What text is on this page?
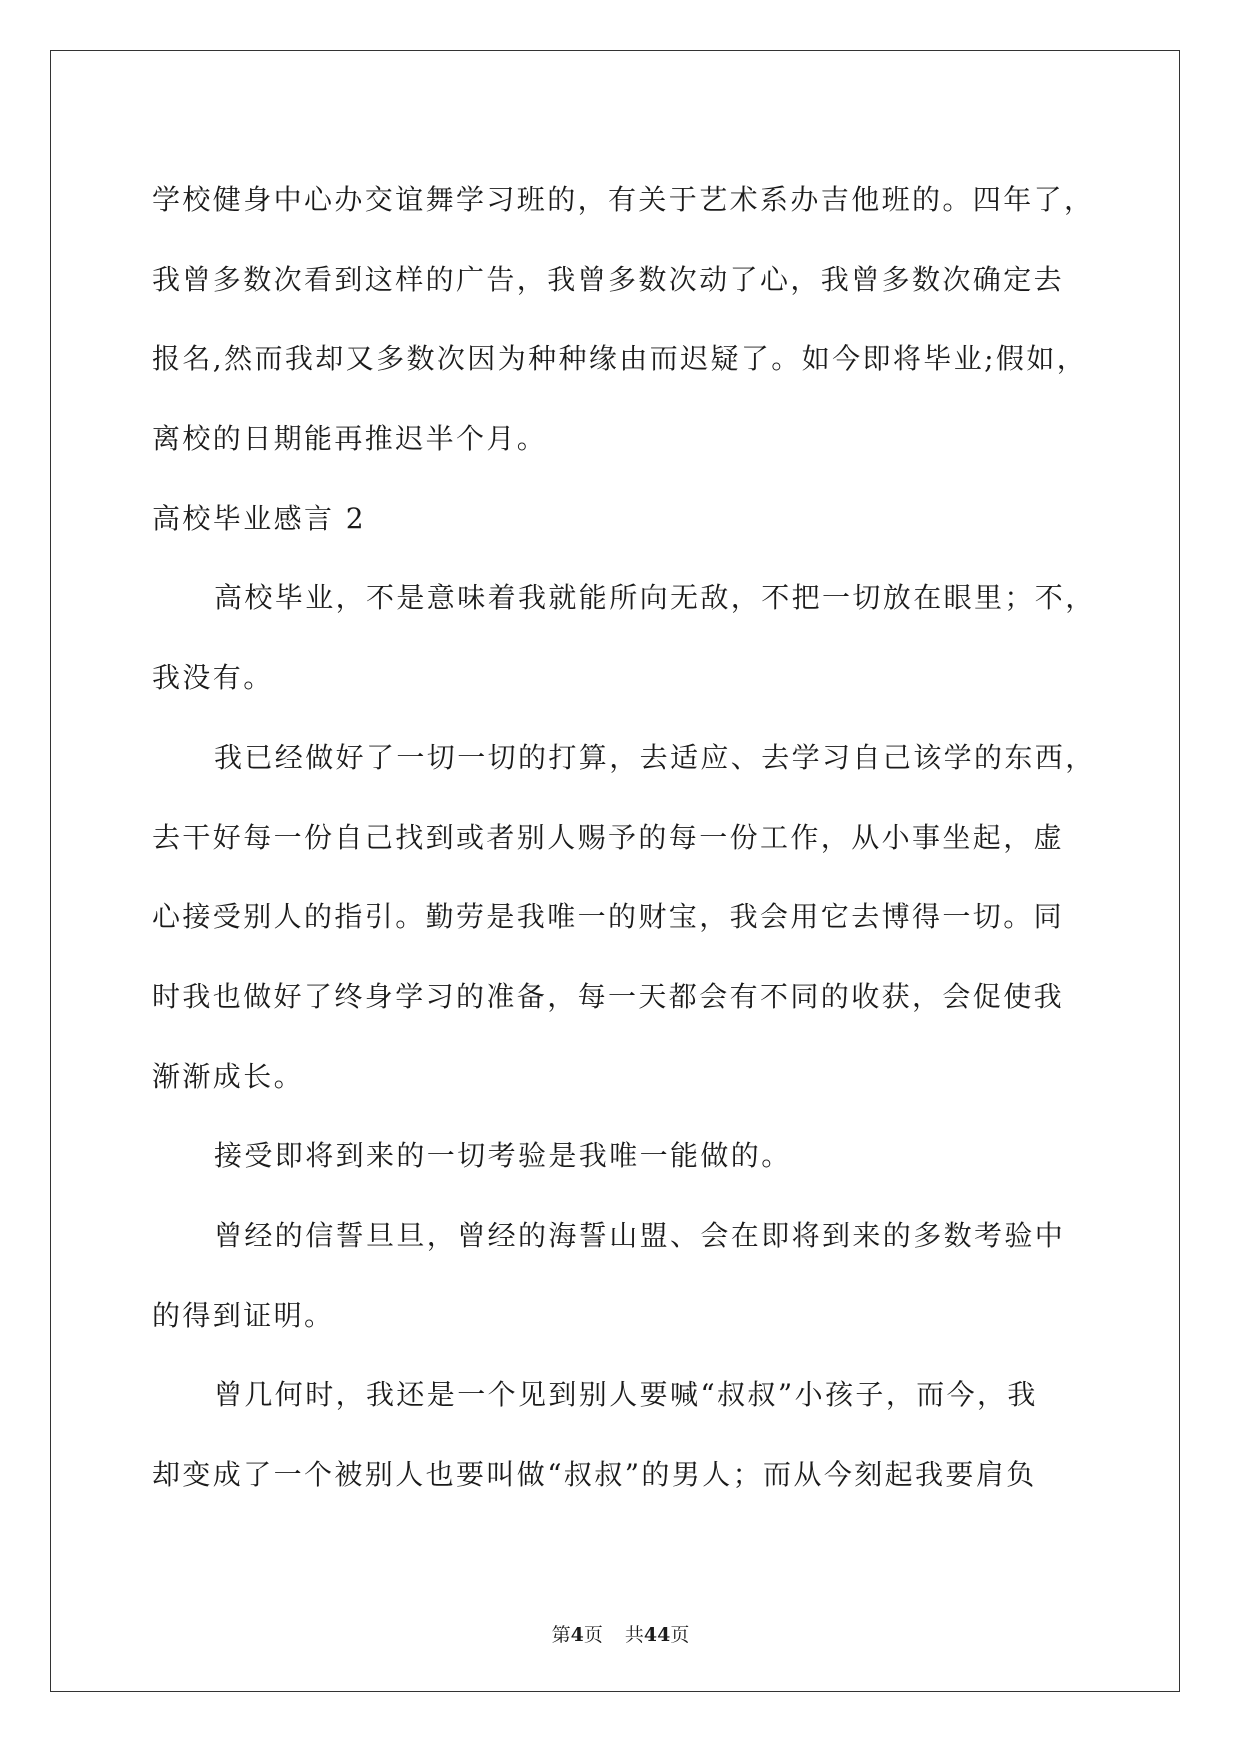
学校健身中心办交谊舞学习班的，有关于艺术系办吉他班的。四年了，
我曾多数次看到这样的广告，我曾多数次动了心，我曾多数次确定去
报名,然而我却又多数次因为种种缘由而迟疑了。如今即将毕业;假如，
离校的日期能再推迟半个月。
高校毕业感言 2
高校毕业，不是意味着我就能所向无敌，不把一切放在眼里；不，
我没有。
我已经做好了一切一切的打算，去适应、去学习自己该学的东西，
去干好每一份自己找到或者别人赐予的每一份工作，从小事坐起，虚
心接受别人的指引。勤劳是我唯一的财宝，我会用它去博得一切。同
时我也做好了终身学习的准备，每一天都会有不同的收获，会促使我
渐渐成长。
接受即将到来的一切考验是我唯一能做的。
曾经的信誓旦旦，曾经的海誓山盟、会在即将到来的多数考验中
的得到证明。
曾几何时，我还是一个见到别人要喊“叔叔”小孩子，而今，我
却变成了一个被别人也要叫做“叔叔”的男人；而从今刻起我要肩负
第4页 共44页
